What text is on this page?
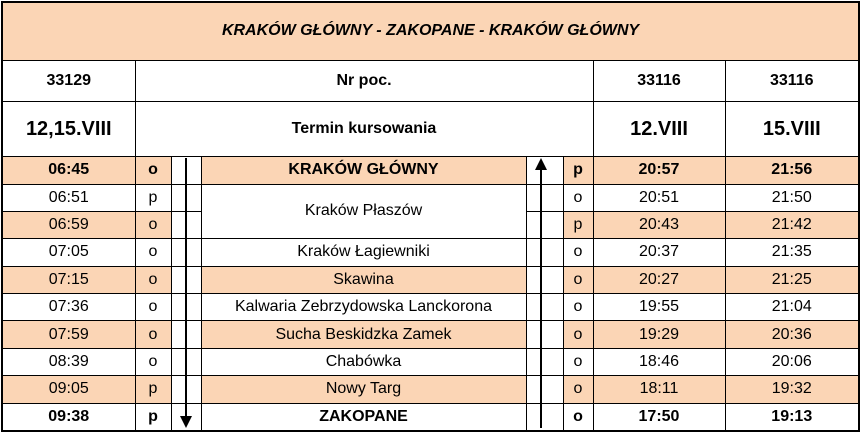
KRAKÓW GŁÓWNY - ZAKOPANE - KRAKÓW GŁÓWNY							
33129	Nr poc.					33116	33116
12,15.VIII	Termin kursowania					12.VIII	15.VIII
06:45	o		KRAKÓW GŁÓWNY		p	20:57	21:56
06:51	p		Kraków Płaszów		o	20:51	21:50
06:59	o				p	20:43	21:42
07:05	o		Kraków Łagiewniki		o	20:37	21:35
07:15	o		Skawina		o	20:27	21:25
07:36	o		Kalwaria Zebrzydowska Lanckorona		o	19:55	21:04
07:59	o		Sucha Beskidzka Zamek		o	19:29	20:36
08:39	o		Chabówka		o	18:46	20:06
09:05	p		Nowy Targ		o	18:11	19:32
09:38	p		ZAKOPANE		o	17:50	19:13
